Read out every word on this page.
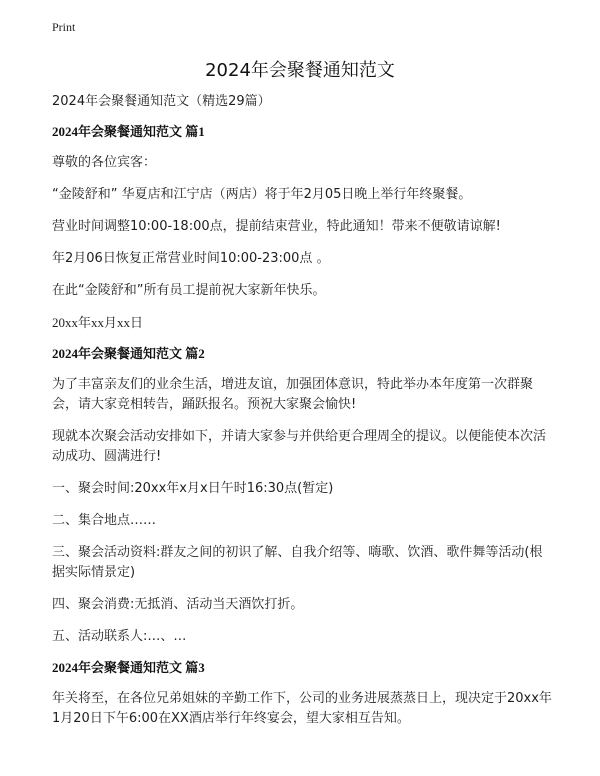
Print
2024年会聚餐通知范文

2024年会聚餐通知范文（精选29篇）

2024年会聚餐通知范文 篇1

尊敬的各位宾客：

“金陵舒和” 华夏店和江宁店（两店）将于年2月05日晚上举行年终聚餐。

营业时间调整10:00-18:00点，提前结束营业，特此通知！带来不便敬请谅解!

年2月06日恢复正常营业时间10:00-23:00点 。

在此“金陵舒和”所有员工提前祝大家新年快乐。

20xx年xx月xx日

2024年会聚餐通知范文 篇2

为了丰富亲友们的业余生活，增进友谊，加强团体意识，特此举办本年度第一次群聚会，请大家竞相转告，踊跃报名。预祝大家聚会愉快!

现就本次聚会活动安排如下，并请大家参与并供给更合理周全的提议。以便能使本次活动成功、圆满进行!

一、聚会时间:20xx年x月x日午时16:30点(暂定)

二、集合地点……

三、聚会活动资料:群友之间的初识了解、自我介绍等、嗨歌、饮酒、歌件舞等活动(根据实际情景定)

四、聚会消费:无抵消、活动当天酒饮打折。

五、活动联系人:…、…

2024年会聚餐通知范文 篇3

年关将至，在各位兄弟姐妹的辛勤工作下，公司的业务进展蒸蒸日上，现决定于20xx年1月20日下午6:00在XX酒店举行年终宴会，望大家相互告知。
